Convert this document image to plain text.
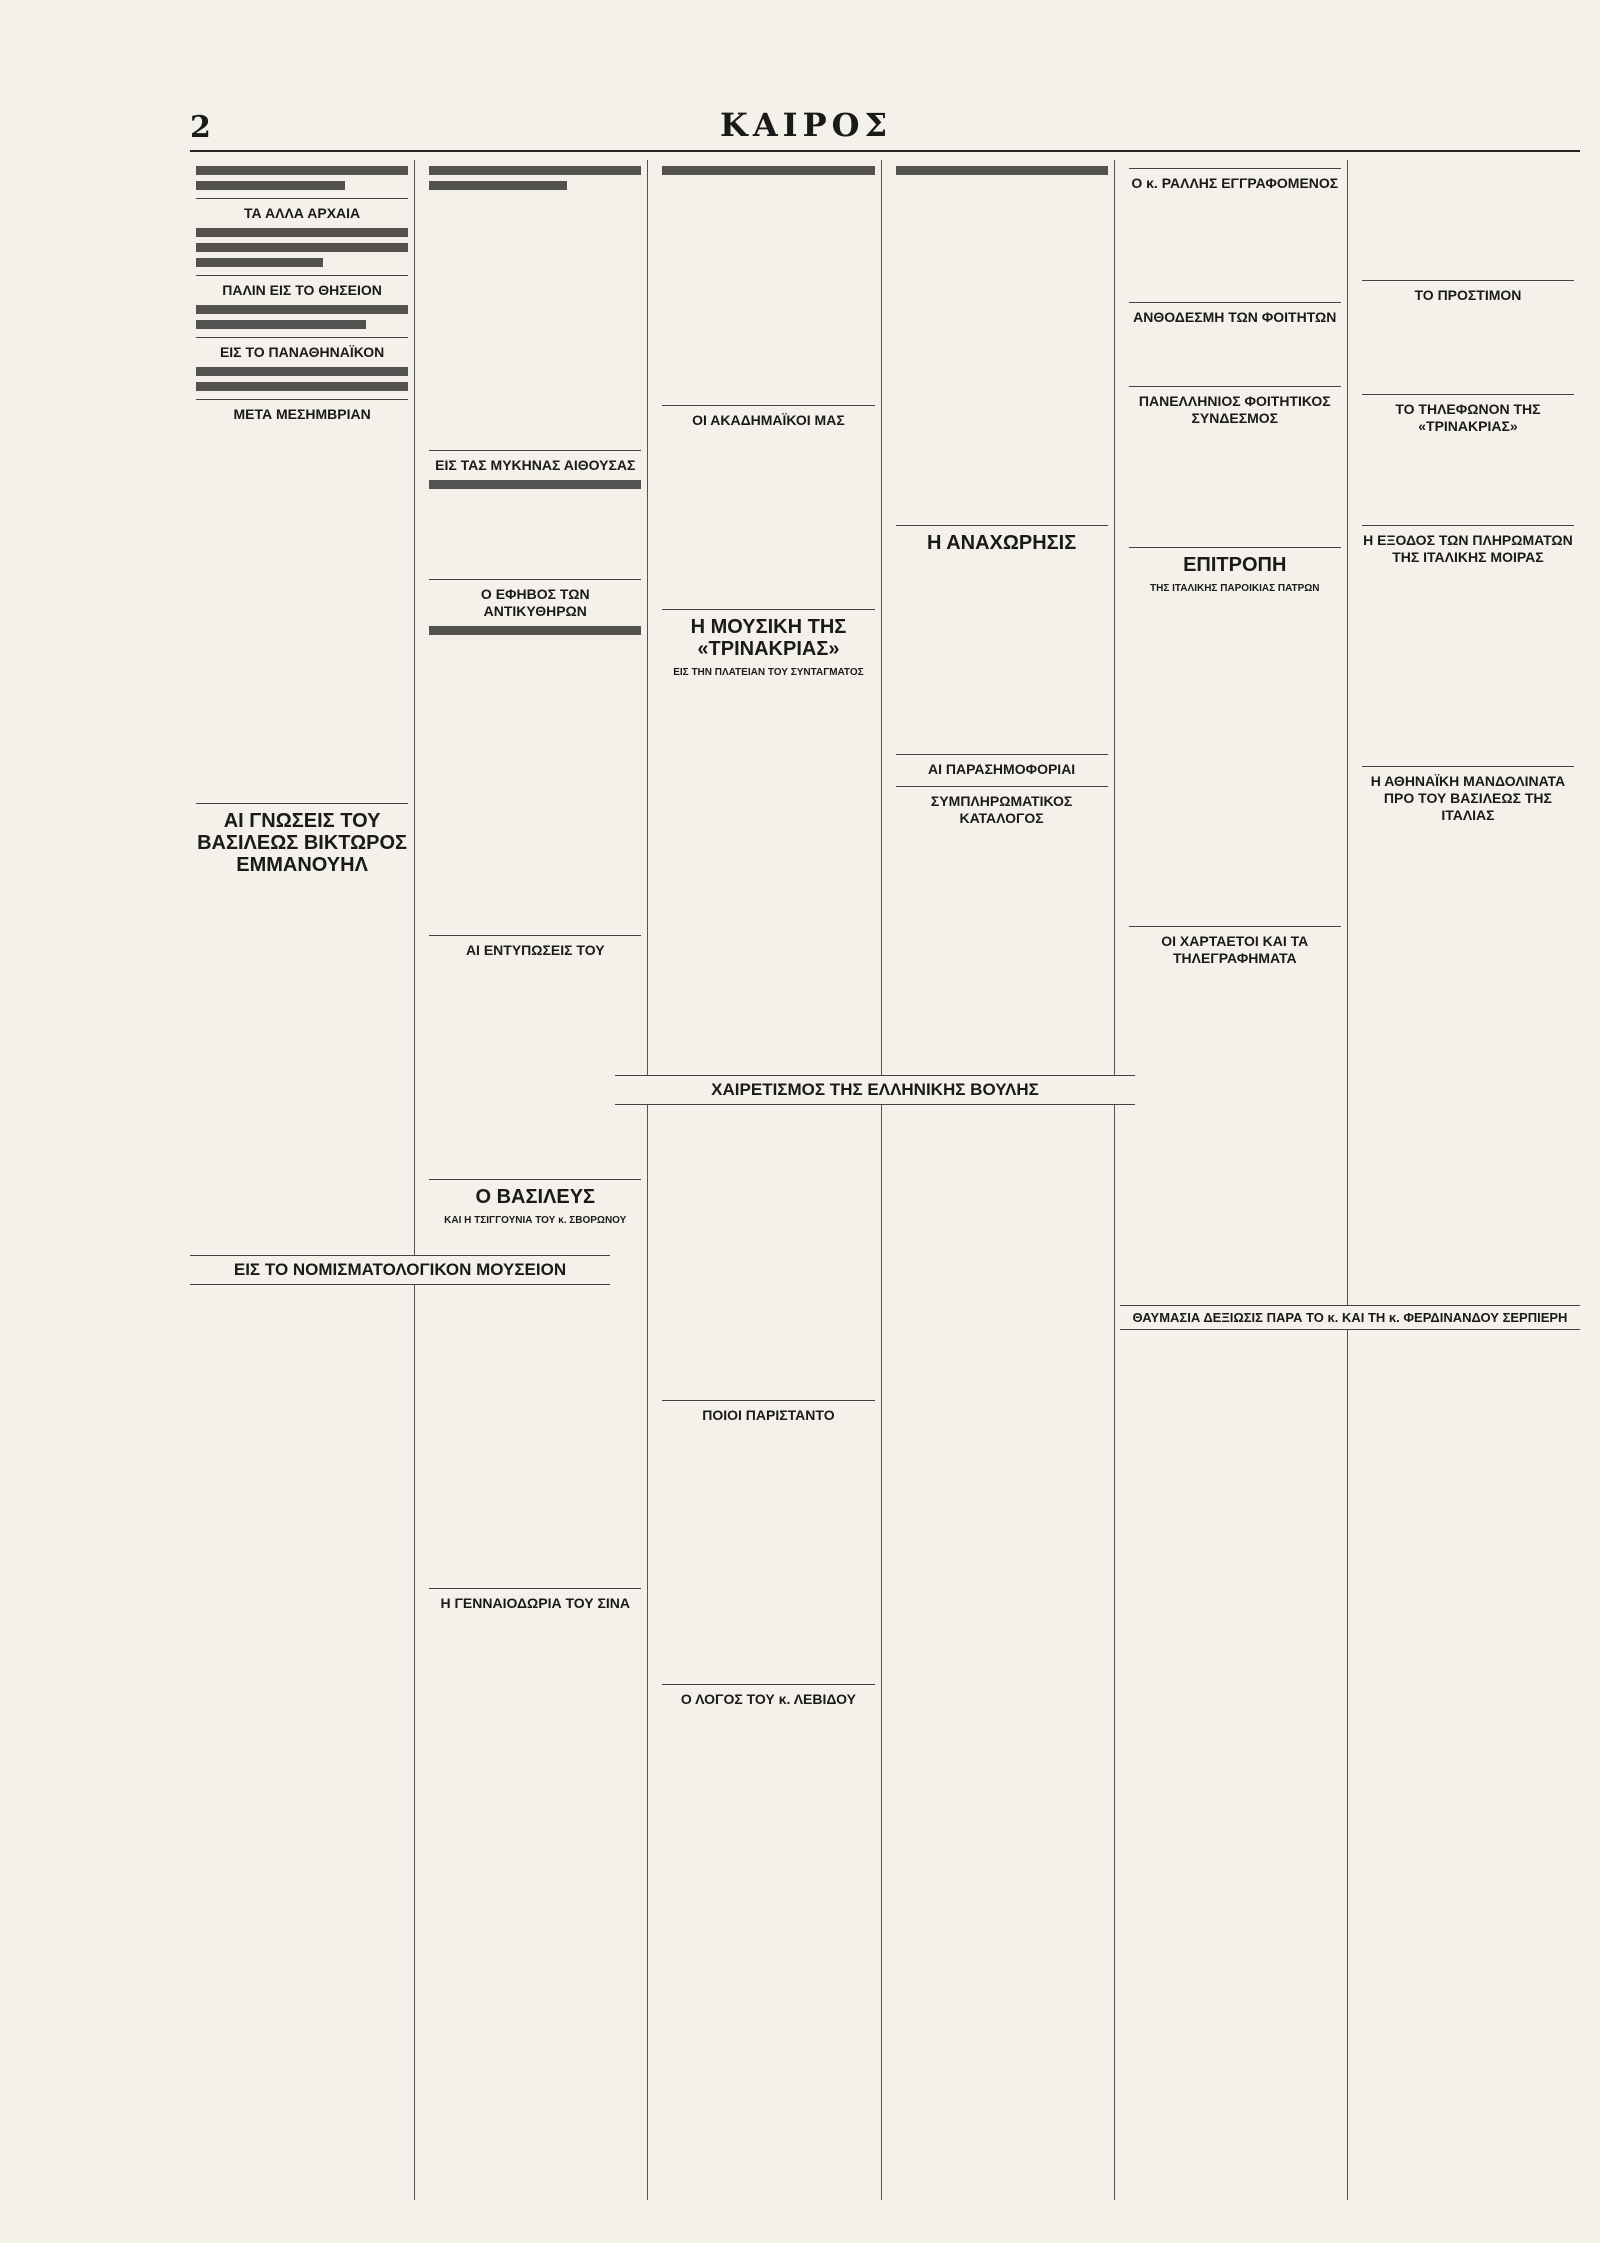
2	ΚΑΙΡΟΣ
ΤΑ ΑΛΛΑ ΑΡΧΑΙΑ
ΠΑΛΙΝ ΕΙΣ ΤΟ ΘΗΣΕΙΟΝ
ΕΙΣ ΤΟ ΠΑΝΑΘΗΝΑΪΚΟΝ
ΜΕΤΑ ΜΕΣΗΜΒΡΙΑΝ
ΑΙ ΓΝΩΣΕΙΣ ΤΟΥ ΒΑΣΙΛΕΩΣ ΒΙΚΤΩΡΟΣ ΕΜΜΑΝΟΥΗΛ
ΕΙΣ ΤΑΣ ΜΥΚΗΝΑΣ ΑΙΘΟΥΣΑΣ
Ο ΕΦΗΒΟΣ ΤΩΝ ΑΝΤΙΚΥΘΗΡΩΝ
ΑΙ ΕΝΤΥΠΩΣΕΙΣ ΤΟΥ
Ο ΒΑΣΙΛΕΥΣ
ΚΑΙ Η ΤΣΙΓΓΟΥΝΙΑ ΤΟΥ κ. ΣΒΟΡΩΝΟΥ
Η ΓΕΝΝΑΙΟΔΩΡΙΑ ΤΟΥ ΣΙΝΑ
ΟΙ ΑΚΑΔΗΜΑΪΚΟΙ ΜΑΣ
Η ΜΟΥΣΙΚΗ ΤΗΣ «ΤΡΙΝΑΚΡΙΑΣ»
ΕΙΣ ΤΗΝ ΠΛΑΤΕΙΑΝ ΤΟΥ ΣΥΝΤΑΓΜΑΤΟΣ
ΠΟΙΟΙ ΠΑΡΙΣΤΑΝΤΟ
Ο ΛΟΓΟΣ ΤΟΥ κ. ΛΕΒΙΔΟΥ
Η ΑΝΑΧΩΡΗΣΙΣ
ΑΙ ΠΑΡΑΣΗΜΟΦΟΡΙΑΙ
ΣΥΜΠΛΗΡΩΜΑΤΙΚΟΣ ΚΑΤΑΛΟΓΟΣ
Ο κ. ΡΑΛΛΗΣ ΕΓΓΡΑΦΟΜΕΝΟΣ
ΑΝΘΟΔΕΣΜΗ ΤΩΝ ΦΟΙΤΗΤΩΝ
ΠΑΝΕΛΛΗΝΙΟΣ ΦΟΙΤΗΤΙΚΟΣ ΣΥΝΔΕΣΜΟΣ
ΕΠΙΤΡΟΠΗ
ΤΗΣ ΙΤΑΛΙΚΗΣ ΠΑΡΟΙΚΙΑΣ ΠΑΤΡΩΝ
ΟΙ ΧΑΡΤΑΕΤΟΙ ΚΑΙ ΤΑ ΤΗΛΕΓΡΑΦΗΜΑΤΑ
ΤΟ ΠΡΟΣΤΙΜΟΝ
ΤΟ ΤΗΛΕΦΩΝΟΝ ΤΗΣ «ΤΡΙΝΑΚΡΙΑΣ»
Η ΕΞΟΔΟΣ ΤΩΝ ΠΛΗΡΩΜΑΤΩΝ ΤΗΣ ΙΤΑΛΙΚΗΣ ΜΟΙΡΑΣ
Η ΑΘΗΝΑΪΚΗ ΜΑΝΔΟΛΙΝΑΤΑ ΠΡΟ ΤΟΥ ΒΑΣΙΛΕΩΣ ΤΗΣ ΙΤΑΛΙΑΣ
ΧΑΙΡΕΤΙΣΜΟΣ ΤΗΣ ΕΛΛΗΝΙΚΗΣ ΒΟΥΛΗΣ
ΕΙΣ ΤΟ ΝΟΜΙΣΜΑΤΟΛΟΓΙΚΟΝ ΜΟΥΣΕΙΟΝ
ΘΑΥΜΑΣΙΑ ΔΕΞΙΩΣΙΣ ΠΑΡΑ ΤΟ κ. ΚΑΙ ΤΗ κ. ΦΕΡΔΙΝΑΝΔΟΥ ΣΕΡΠΙΕΡΗ
